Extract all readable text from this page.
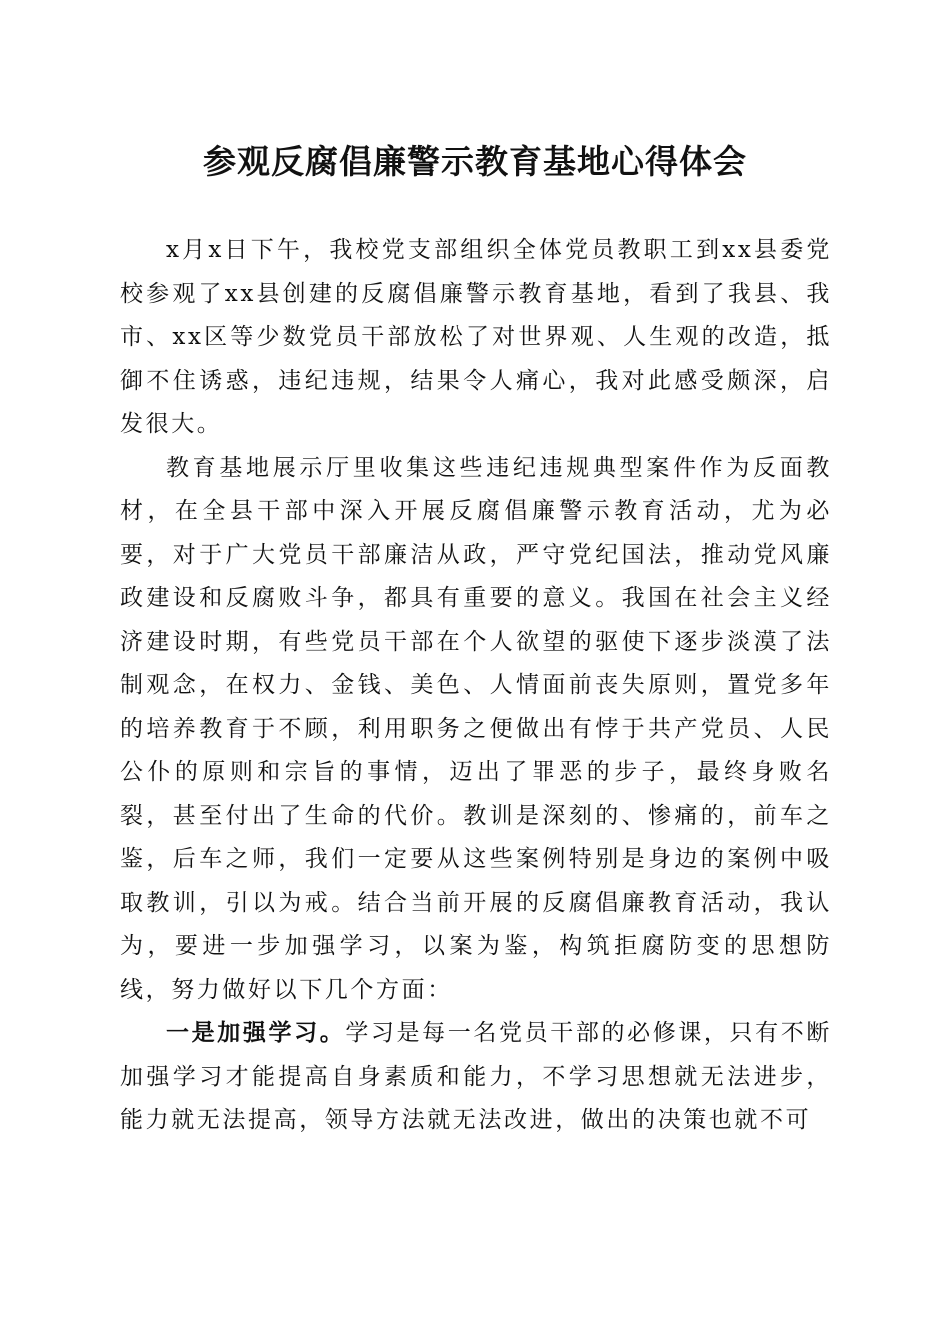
参观反腐倡廉警示教育基地心得体会

x月x日下午，我校党支部组织全体党员教职工到xx县委党校参观了xx县创建的反腐倡廉警示教育基地，看到了我县、我市、xx区等少数党员干部放松了对世界观、人生观的改造，抵御不住诱惑，违纪违规，结果令人痛心，我对此感受颇深，启发很大。

教育基地展示厅里收集这些违纪违规典型案件作为反面教材，在全县干部中深入开展反腐倡廉警示教育活动，尤为必要，对于广大党员干部廉洁从政，严守党纪国法，推动党风廉政建设和反腐败斗争，都具有重要的意义。我国在社会主义经济建设时期，有些党员干部在个人欲望的驱使下逐步淡漠了法制观念，在权力、金钱、美色、人情面前丧失原则，置党多年的培养教育于不顾，利用职务之便做出有悖于共产党员、人民公仆的原则和宗旨的事情，迈出了罪恶的步子，最终身败名裂，甚至付出了生命的代价。教训是深刻的、惨痛的，前车之鉴，后车之师，我们一定要从这些案例特别是身边的案例中吸取教训，引以为戒。结合当前开展的反腐倡廉教育活动，我认为，要进一步加强学习，以案为鉴，构筑拒腐防变的思想防线，努力做好以下几个方面：

一是加强学习。学习是每一名党员干部的必修课，只有不断加强学习才能提高自身素质和能力，不学习思想就无法进步，能力就无法提高，领导方法就无法改进，做出的决策也就不可
